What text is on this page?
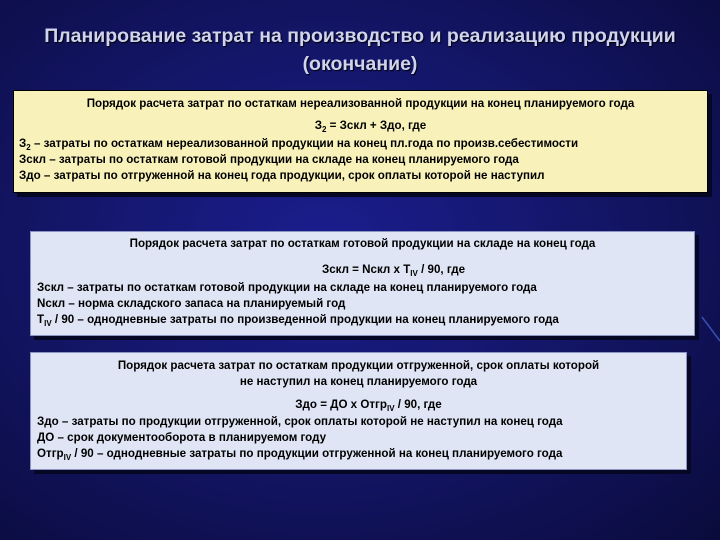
Планирование затрат на производство и реализацию продукции
(окончание)
Порядок расчета затрат по остаткам нереализованной продукции на конец планируемого года
$З_2$ = Зскл + Здо, где
$З_2$ – затраты по остаткам нереализованной продукции на конец пл.года по произв.себестимости
Зскл – затраты по остаткам готовой продукции на складе на конец планируемого года
Здо – затраты по отгруженной на конец года продукции, срок оплаты которой не наступил
Порядок расчета затрат по остаткам готовой продукции на складе на конец года
Зскл = Nскл х $Т_{IV} / 90$, где
Зскл – затраты по остаткам готовой продукции на складе на конец планируемого года
Nскл – норма складского запаса на планируемый год
$Т_{IV} / 90$ – однодневные затраты по произведенной продукции на конец планируемого года
Порядок расчета затрат по остаткам продукции отгруженной, срок оплаты которой
не наступил на конец планируемого года
Здо = ДО х Отгр$_{IV}$ / 90, где
Здо – затраты по продукции отгруженной, срок оплаты которой не наступил на конец года
ДО – срок документооборота в планируемом году
Отгр$_{IV}$ / 90 – однодневные затраты по продукции отгруженной на конец планируемого года
